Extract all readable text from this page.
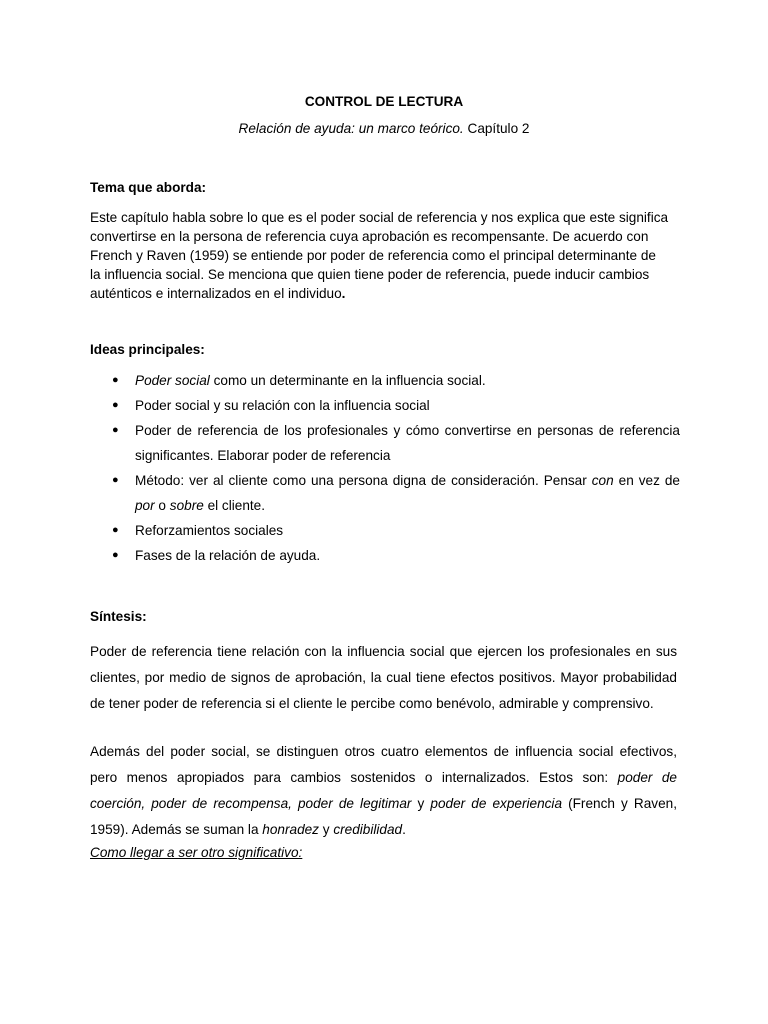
CONTROL DE LECTURA
Relación de ayuda: un marco teórico. Capítulo 2
Tema que aborda:
Este capítulo habla sobre lo que es el poder social de referencia y nos explica que este significa
convertirse en la persona de referencia cuya aprobación es recompensante. De acuerdo con
French y Raven (1959) se entiende por poder de referencia como el principal determinante de
la influencia social. Se menciona que quien tiene poder de referencia, puede inducir cambios
auténticos e internalizados en el individuo.
Ideas principales:
● Poder social como un determinante en la influencia social.
● Poder social y su relación con la influencia social
● Poder de referencia de los profesionales y cómo convertirse en personas de referencia
significantes. Elaborar poder de referencia
● Método: ver al cliente como una persona digna de consideración. Pensar con en vez de
por o sobre el cliente.
● Reforzamientos sociales
● Fases de la relación de ayuda.
Síntesis:
Poder de referencia tiene relación con la influencia social que ejercen los profesionales en sus
clientes, por medio de signos de aprobación, la cual tiene efectos positivos. Mayor probabilidad
de tener poder de referencia si el cliente le percibe como benévolo, admirable y comprensivo.
Además del poder social, se distinguen otros cuatro elementos de influencia social efectivos,
pero menos apropiados para cambios sostenidos o internalizados. Estos son: poder de
coerción, poder de recompensa, poder de legitimar y poder de experiencia (French y Raven,
1959). Además se suman la honradez y credibilidad.
Como llegar a ser otro significativo:
